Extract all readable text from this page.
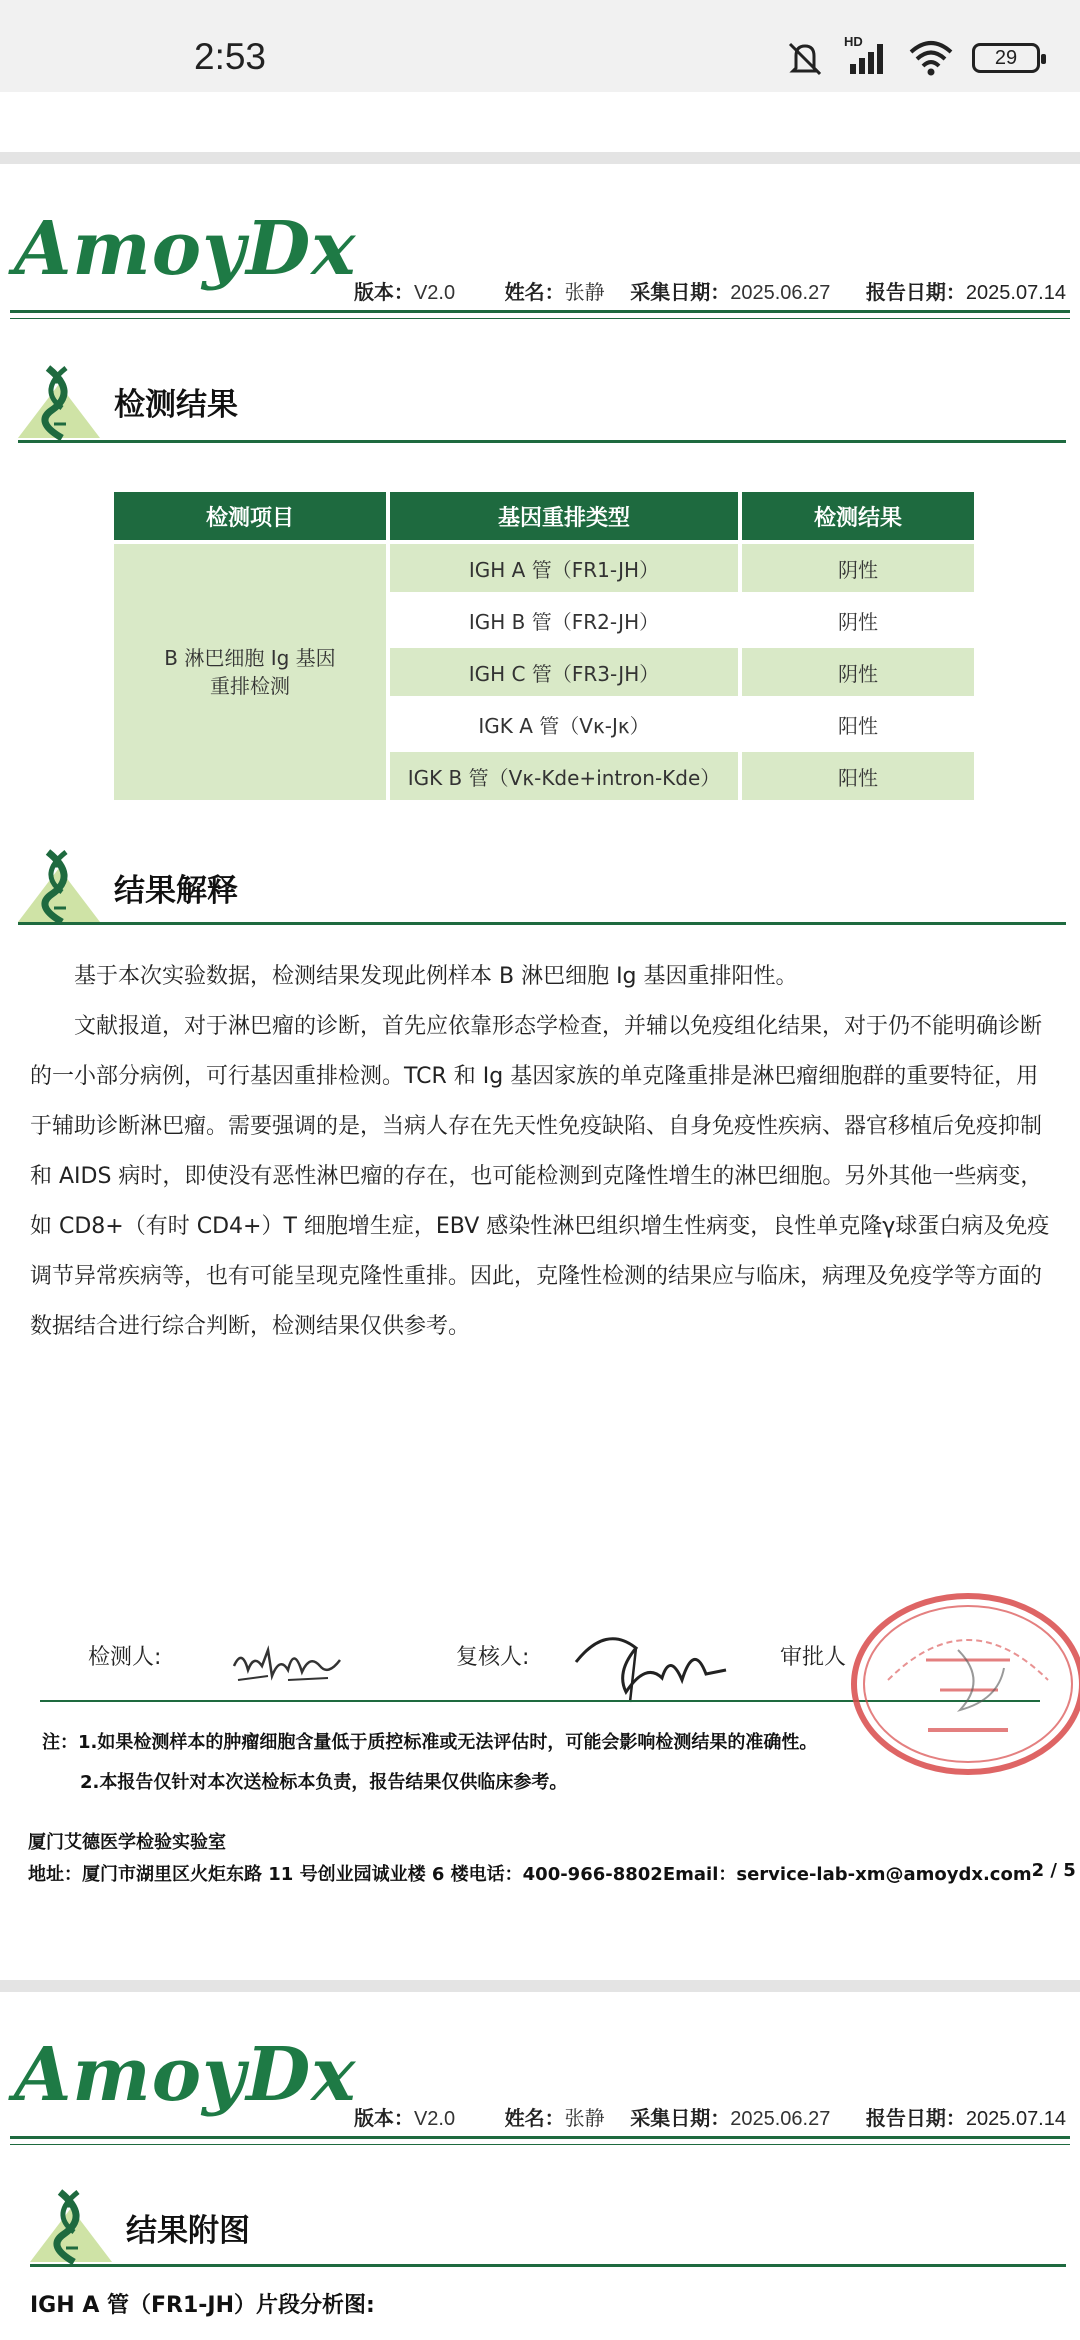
2:53	HD
29
AmoyDx
版本：V2.0 姓名：张静 采集日期：2025.06.27 报告日期：2025.07.14
检测结果
检测项目	基因重排类型	检测结果
B 淋巴细胞 Ig 基因
重排检测	IGH A 管（FR1-JH）	阴性
	IGH B 管（FR2-JH）	阴性
	IGH C 管（FR3-JH）	阴性
	IGK A 管（Vκ-Jκ）	阳性
	IGK B 管（Vκ-Kde+intron-Kde）	阳性
结果解释

基于本次实验数据，检测结果发现此例样本 B 淋巴细胞 Ig 基因重排阳性。

文献报道，对于淋巴瘤的诊断，首先应依靠形态学检查，并辅以免疫组化结果，对于仍不能明确诊断的一小部分病例，可行基因重排检测。TCR 和 Ig 基因家族的单克隆重排是淋巴瘤细胞群的重要特征，用于辅助诊断淋巴瘤。需要强调的是，当病人存在先天性免疫缺陷、自身免疫性疾病、器官移植后免疫抑制和 AIDS 病时，即使没有恶性淋巴瘤的存在，也可能检测到克隆性增生的淋巴细胞。另外其他一些病变，如 CD8+（有时 CD4+）T 细胞增生症，EBV 感染性淋巴组织增生性病变，良性单克隆γ球蛋白病及免疫调节异常疾病等，也有可能呈现克隆性重排。因此，克隆性检测的结果应与临床，病理及免疫学等方面的数据结合进行综合判断，检测结果仅供参考。

检测人:	复核人:	审批人
注：1.如果检测样本的肿瘤细胞含量低于质控标准或无法评估时，可能会影响检测结果的准确性。
2.本报告仅针对本次送检标本负责，报告结果仅供临床参考。
厦门艾德医学检验实验室
地址：厦门市湖里区火炬东路 11 号创业园诚业楼 6 楼 电话：400-966-8802 Email：service-lab-xm@amoydx.com 2 / 5
AmoyDx
版本：V2.0 姓名：张静 采集日期：2025.06.27 报告日期：2025.07.14
结果附图
IGH A 管（FR1-JH）片段分析图:
